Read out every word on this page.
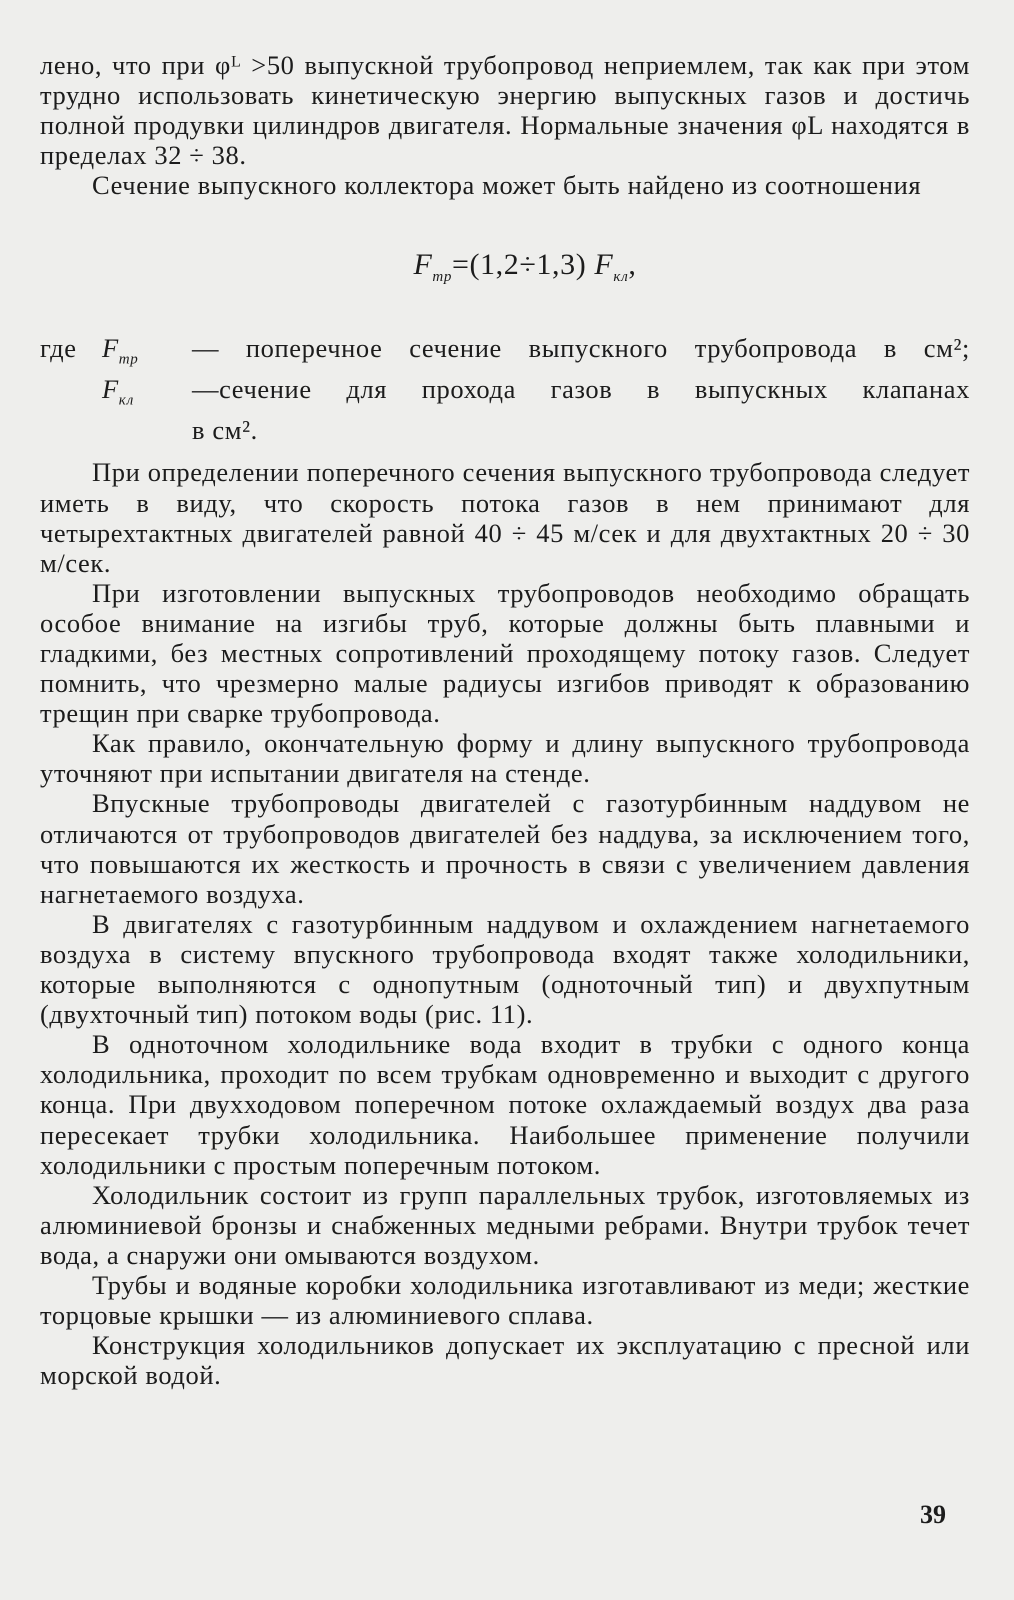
лено, что при φᴸ >50 выпускной трубопровод неприемлем, так как при этом трудно использовать кинетическую энергию выпускных газов и достичь полной продувки цилиндров двигателя. Нормальные значения φL находятся в пределах 32 ÷ 38.

Сечение выпускного коллектора может быть найдено из соотношения

$F_{тр}=(1,2\div 1,3)$ $F_{кл}$,
где $F_{тр}$	— поперечное сечение выпускного трубопровода в см²;
$F_{кл}$	—сечение для прохода газов в выпускных клапанах
в см².

При определении поперечного сечения выпускного трубопровода следует иметь в виду, что скорость потока газов в нем принимают для четырехтактных двигателей равной 40 ÷ 45 м/сек и для двухтактных 20 ÷ 30 м/сек.

При изготовлении выпускных трубопроводов необходимо обращать особое внимание на изгибы труб, которые должны быть плавными и гладкими, без местных сопротивлений проходящему потоку газов. Следует помнить, что чрезмерно малые радиусы изгибов приводят к образованию трещин при сварке трубопровода.

Как правило, окончательную форму и длину выпускного трубопровода уточняют при испытании двигателя на стенде.

Впускные трубопроводы двигателей с газотурбинным наддувом не отличаются от трубопроводов двигателей без наддува, за исключением того, что повышаются их жесткость и прочность в связи с увеличением давления нагнетаемого воздуха.

В двигателях с газотурбинным наддувом и охлаждением нагнетаемого воздуха в систему впускного трубопровода входят также холодильники, которые выполняются с однопутным (одноточный тип) и двухпутным (двухточный тип) потоком воды (рис. 11).

В одноточном холодильнике вода входит в трубки с одного конца холодильника, проходит по всем трубкам одновременно и выходит с другого конца. При двухходовом поперечном потоке охлаждаемый воздух два раза пересекает трубки холодильника. Наибольшее применение получили холодильники с простым поперечным потоком.

Холодильник состоит из групп параллельных трубок, изготовляемых из алюминиевой бронзы и снабженных медными ребрами. Внутри трубок течет вода, а снаружи они омываются воздухом.

Трубы и водяные коробки холодильника изготавливают из меди; жесткие торцовые крышки — из алюминиевого сплава.

Конструкция холодильников допускает их эксплуатацию с пресной или морской водой.

39
